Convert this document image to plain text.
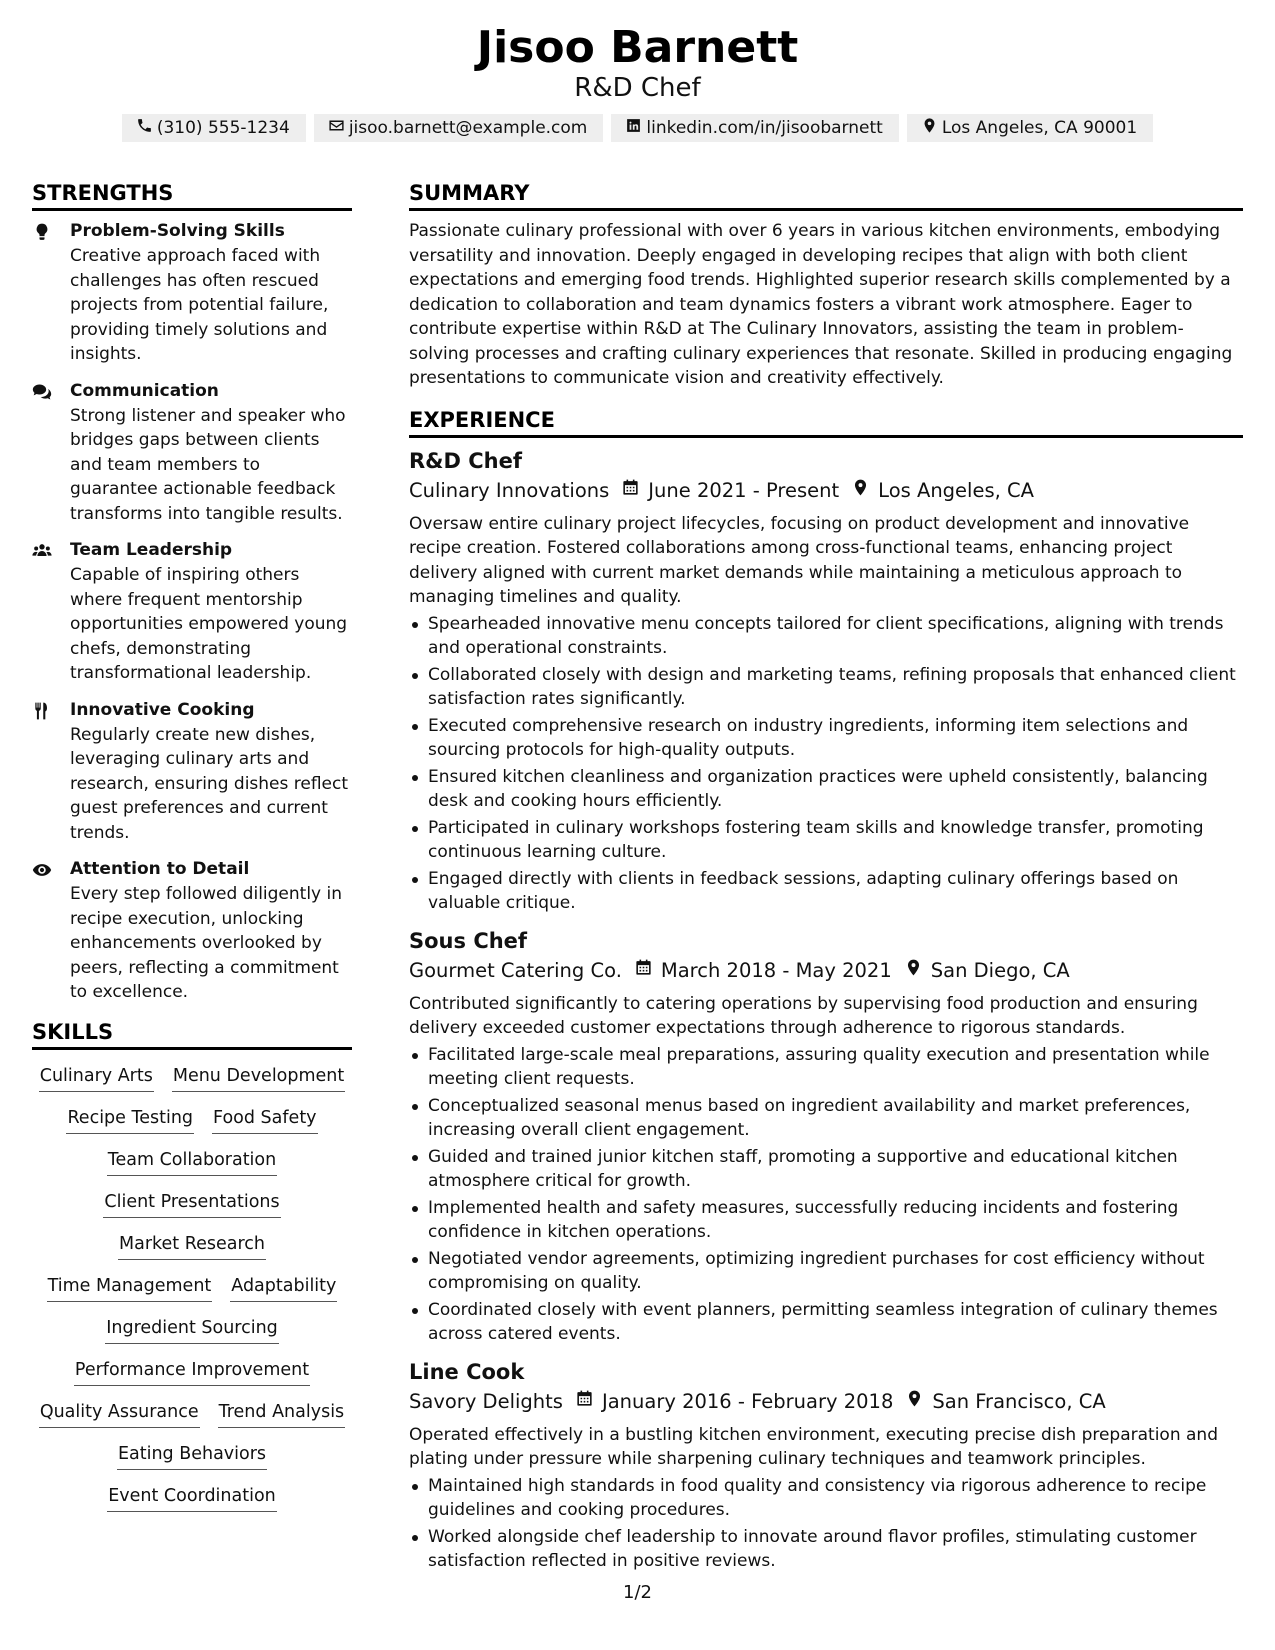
Jisoo Barnett
R&D Chef
(310) 555-1234	jisoo.barnett@example.com	linkedin.com/in/jisoobarnett	Los Angeles, CA 90001
STRENGTHS
Problem-Solving Skills
Creative approach faced with challenges has often rescued projects from potential failure, providing timely solutions and insights.
Communication
Strong listener and speaker who bridges gaps between clients and team members to guarantee actionable feedback transforms into tangible results.
Team Leadership
Capable of inspiring others where frequent mentorship opportunities empowered young chefs, demonstrating transformational leadership.
Innovative Cooking
Regularly create new dishes, leveraging culinary arts and research, ensuring dishes reflect guest preferences and current trends.
Attention to Detail
Every step followed diligently in recipe execution, unlocking enhancements overlooked by peers, reflecting a commitment to excellence.
SKILLS
Culinary Arts Menu Development
Recipe Testing Food Safety
Team Collaboration
Client Presentations
Market Research
Time Management Adaptability
Ingredient Sourcing
Performance Improvement
Quality Assurance Trend Analysis
Eating Behaviors
Event Coordination
SUMMARY
Passionate culinary professional with over 6 years in various kitchen environments, embodying versatility and innovation. Deeply engaged in developing recipes that align with both client expectations and emerging food trends. Highlighted superior research skills complemented by a dedication to collaboration and team dynamics fosters a vibrant work atmosphere. Eager to contribute expertise within R&D at The Culinary Innovators, assisting the team in problem-solving processes and crafting culinary experiences that resonate. Skilled in producing engaging presentations to communicate vision and creativity effectively.
EXPERIENCE
R&D Chef
Culinary Innovations June 2021 - Present Los Angeles, CA
Oversaw entire culinary project lifecycles, focusing on product development and innovative recipe creation. Fostered collaborations among cross-functional teams, enhancing project delivery aligned with current market demands while maintaining a meticulous approach to managing timelines and quality.
Spearheaded innovative menu concepts tailored for client specifications, aligning with trends and operational constraints.
Collaborated closely with design and marketing teams, refining proposals that enhanced client satisfaction rates significantly.
Executed comprehensive research on industry ingredients, informing item selections and sourcing protocols for high-quality outputs.
Ensured kitchen cleanliness and organization practices were upheld consistently, balancing desk and cooking hours efficiently.
Participated in culinary workshops fostering team skills and knowledge transfer, promoting continuous learning culture.
Engaged directly with clients in feedback sessions, adapting culinary offerings based on valuable critique.
Sous Chef
Gourmet Catering Co. March 2018 - May 2021 San Diego, CA
Contributed significantly to catering operations by supervising food production and ensuring delivery exceeded customer expectations through adherence to rigorous standards.
Facilitated large-scale meal preparations, assuring quality execution and presentation while meeting client requests.
Conceptualized seasonal menus based on ingredient availability and market preferences, increasing overall client engagement.
Guided and trained junior kitchen staff, promoting a supportive and educational kitchen atmosphere critical for growth.
Implemented health and safety measures, successfully reducing incidents and fostering confidence in kitchen operations.
Negotiated vendor agreements, optimizing ingredient purchases for cost efficiency without compromising on quality.
Coordinated closely with event planners, permitting seamless integration of culinary themes across catered events.
Line Cook
Savory Delights January 2016 - February 2018 San Francisco, CA
Operated effectively in a bustling kitchen environment, executing precise dish preparation and plating under pressure while sharpening culinary techniques and teamwork principles.
Maintained high standards in food quality and consistency via rigorous adherence to recipe guidelines and cooking procedures.
Worked alongside chef leadership to innovate around flavor profiles, stimulating customer satisfaction reflected in positive reviews.
1/2
